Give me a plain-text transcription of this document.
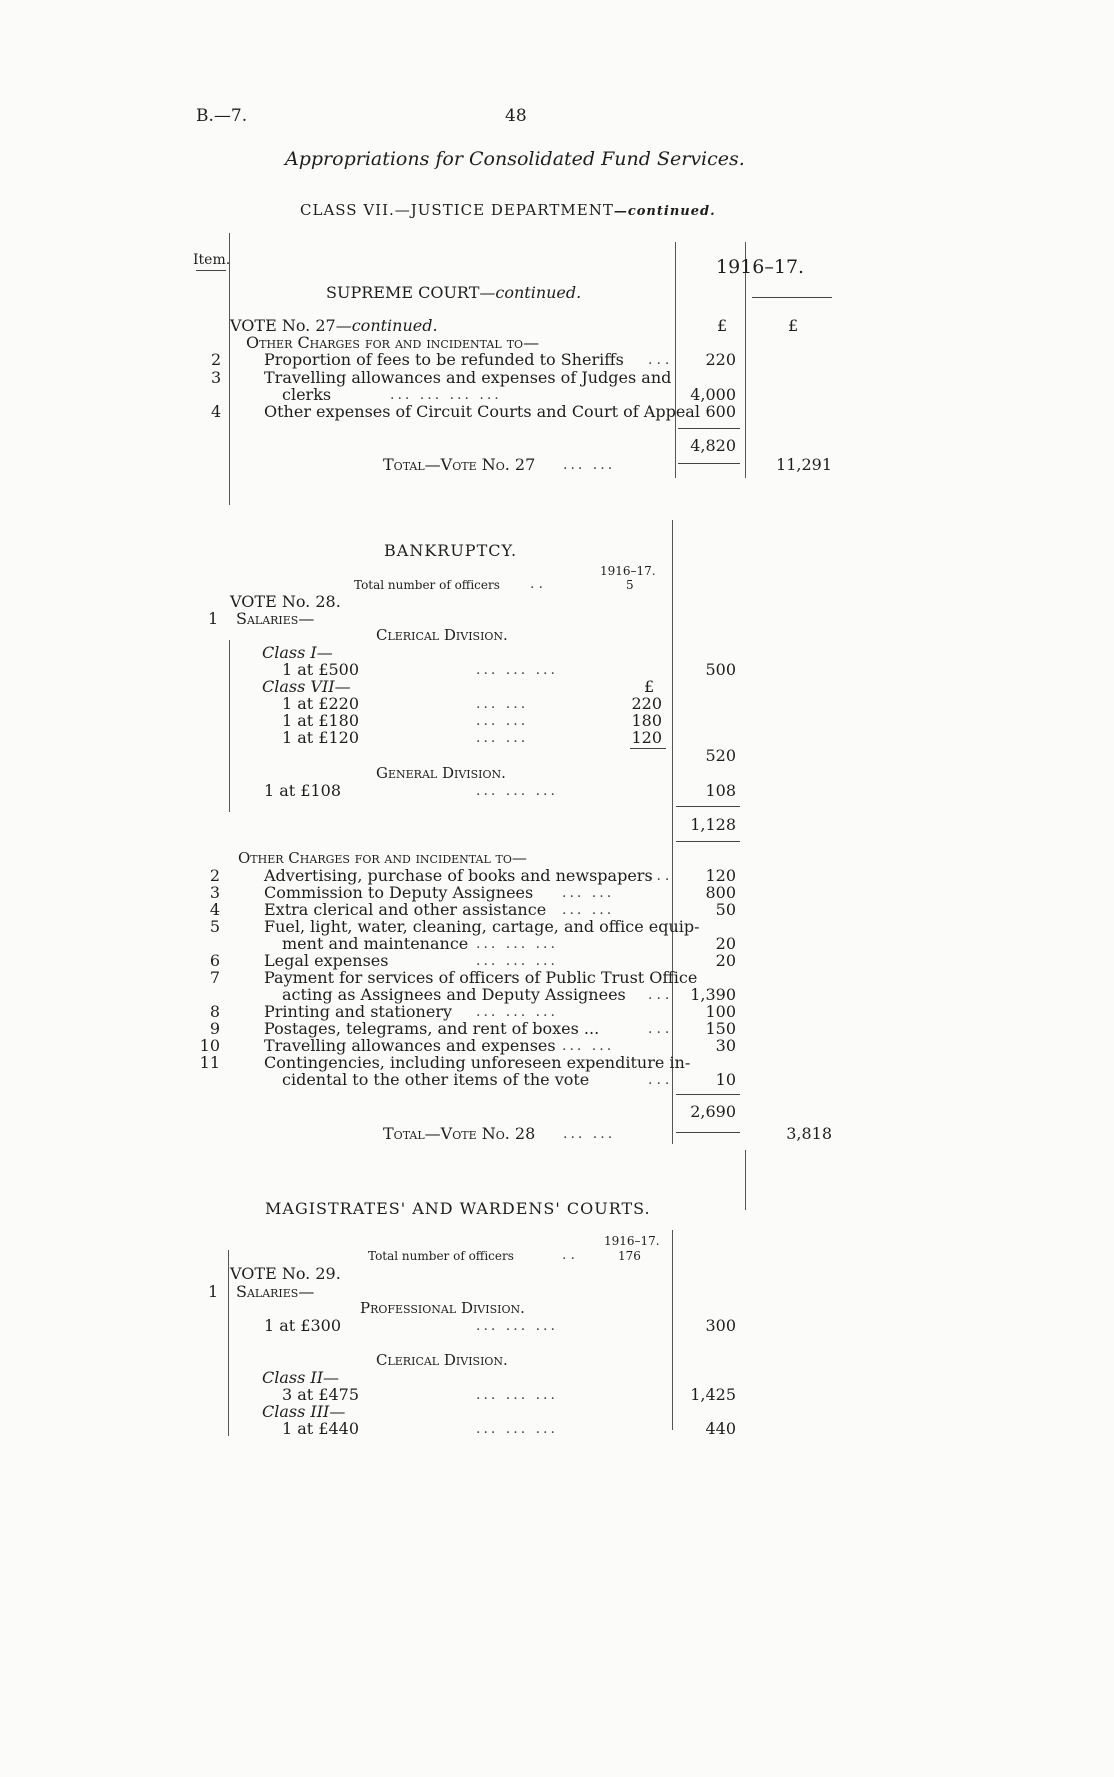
B.—7.	48
Appropriations for Consolidated Fund Services.
CLASS VII.—JUSTICE DEPARTMENT—continued.
Item.	1916–17.
SUPREME COURT—continued.
VOTE No. 27—continued.	£	£
Other Charges for and incidental to—
2	Proportion of fees to be refunded to Sheriffs ...	220
3	Travelling allowances and expenses of Judges and
clerks	... ... ... ...	4,000
4	Other expenses of Circuit Courts and Court of Appeal 600
4,820
Total—Vote No. 27 ... ...	11,291
BANKRUPTCY.
1916–17.
Total number of officers ..	5
VOTE No. 28.
1 Salaries—
Clerical Division.
Class I—
1 at £500	... ... ...	500
Class VII—	£
1 at £220	... ...	220
1 at £180	... ...	180
1 at £120	... ...	120
520
General Division.
1 at £108	... ... ...	108
1,128
Other Charges for and incidental to—
2	Advertising, purchase of books and newspapers
...	120
3	Commission to Deputy Assignees ... ...	800
4	Extra clerical and other assistance ... ...	50
5	Fuel, light, water, cleaning, cartage, and office equip-
ment and maintenance ... ... ...	20
6	Legal expenses	... ... ...	20
7	Payment for services of officers of Public Trust Office
acting as Assignees and Deputy Assignees ...	1,390
8	Printing and stationery ... ... ...	100
9	Postages, telegrams, and rent of boxes ...	...	150
10	Travelling allowances and expenses ... ...	30
11	Contingencies, including unforeseen expenditure in-
cidental to the other items of the vote	...	10
2,690
Total—Vote No. 28 ... ...	3,818
MAGISTRATES' AND WARDENS' COURTS.
1916–17.
Total number of officers	..	176
VOTE No. 29.
1 Salaries—
Professional Division.
1 at £300	... ... ...	300
Clerical Division.
Class II—
3 at £475	... ... ...	1,425
Class III—
1 at £440	... ... ...	440
